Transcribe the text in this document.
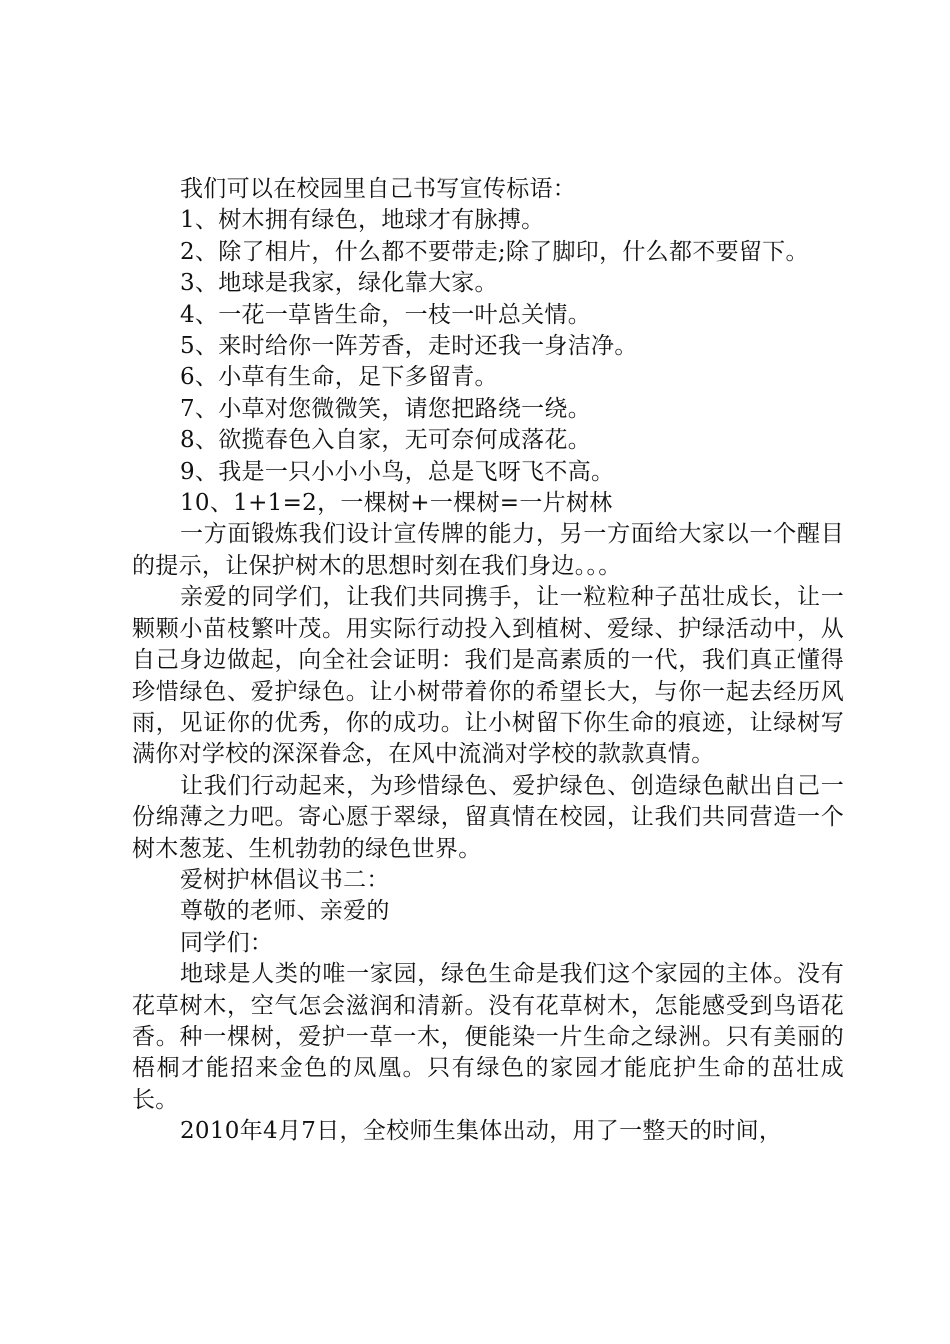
我们可以在校园里自己书写宣传标语：

1、树木拥有绿色，地球才有脉搏。

2、除了相片，什么都不要带走;除了脚印，什么都不要留下。

3、地球是我家，绿化靠大家。

4、一花一草皆生命，一枝一叶总关情。

5、来时给你一阵芳香，走时还我一身洁净。

6、小草有生命，足下多留青。

7、小草对您微微笑，请您把路绕一绕。

8、欲揽春色入自家，无可奈何成落花。

9、我是一只小小小鸟，总是飞呀飞不高。

10、1+1=2，一棵树+一棵树=一片树林

一方面锻炼我们设计宣传牌的能力，另一方面给大家以一个醒目的提示，让保护树木的思想时刻在我们身边。。。

亲爱的同学们，让我们共同携手，让一粒粒种子茁壮成长，让一颗颗小苗枝繁叶茂。用实际行动投入到植树、爱绿、护绿活动中，从自己身边做起，向全社会证明：我们是高素质的一代，我们真正懂得珍惜绿色、爱护绿色。让小树带着你的希望长大，与你一起去经历风雨，见证你的优秀，你的成功。让小树留下你生命的痕迹，让绿树写满你对学校的深深眷念，在风中流淌对学校的款款真情。

让我们行动起来，为珍惜绿色、爱护绿色、创造绿色献出自己一份绵薄之力吧。寄心愿于翠绿，留真情在校园，让我们共同营造一个树木葱茏、生机勃勃的绿色世界。

爱树护林倡议书二：

尊敬的老师、亲爱的

同学们：

地球是人类的唯一家园，绿色生命是我们这个家园的主体。没有花草树木，空气怎会滋润和清新。没有花草树木，怎能感受到鸟语花香。种一棵树，爱护一草一木，便能染一片生命之绿洲。只有美丽的梧桐才能招来金色的凤凰。只有绿色的家园才能庇护生命的茁壮成长。

2010年4月7日，全校师生集体出动，用了一整天的时间，
